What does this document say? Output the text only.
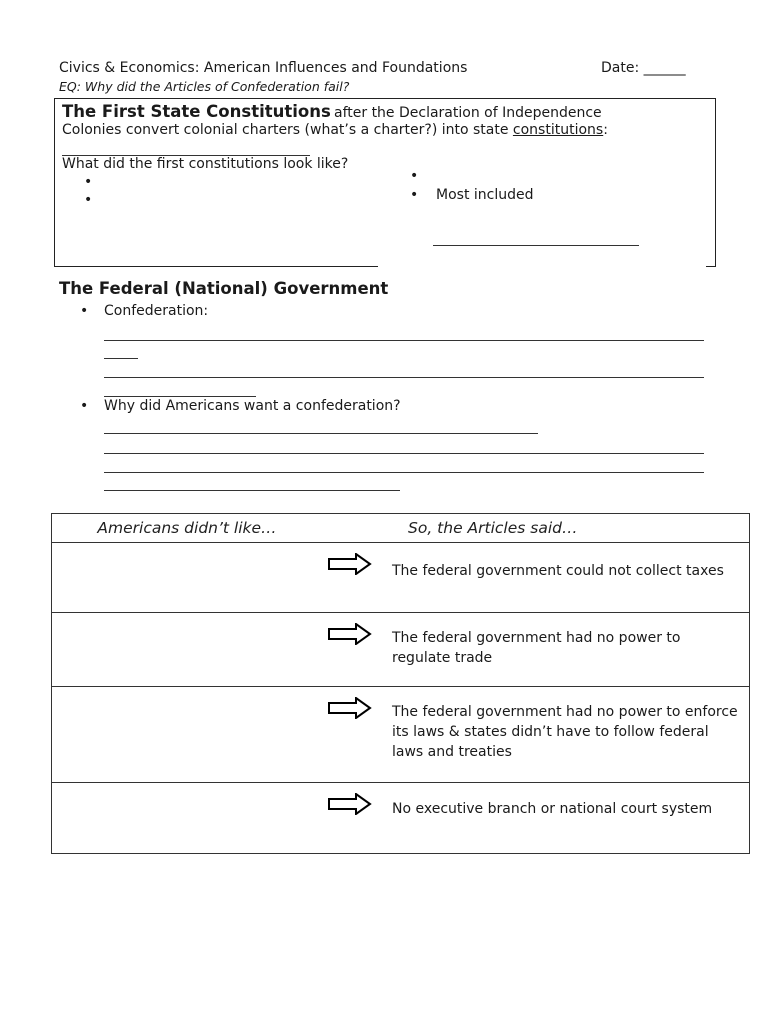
Civics & Economics: American Influences and Foundations	Date: ______
EQ: Why did the Articles of Confederation fail?
The First State Constitutions after the Declaration of Independence
Colonies convert colonial charters (what’s a charter?) into state constitutions:
What did the first constitutions look like?
•
•
•
• Most included
The Federal (National) Government
• Confederation:
• Why did Americans want a confederation?
Americans didn’t like…	So, the Articles said…	

The federal government could not collect taxes

The federal government had no power to regulate trade

The federal government had no power to enforce its laws & states didn’t have to follow federal laws and treaties

No executive branch or national court system
